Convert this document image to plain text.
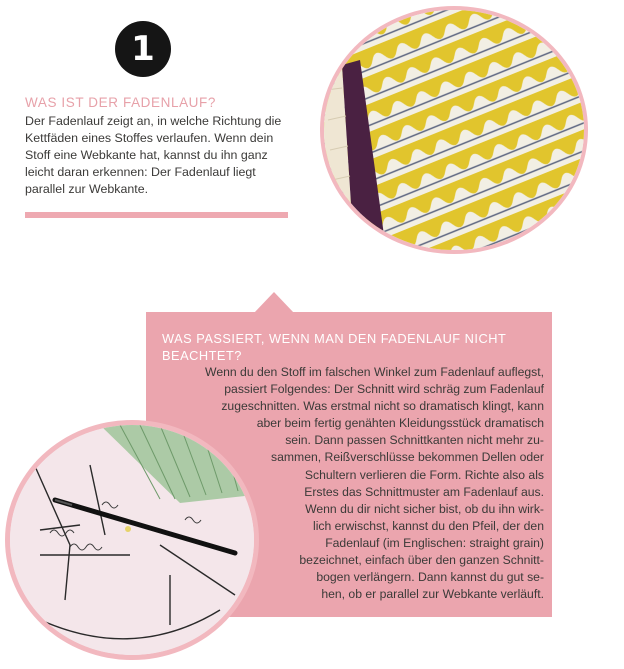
1
WAS IST DER FADENLAUF?

Der Fadenlauf zeigt an, in welche Richtung die Kettfäden eines Stoffes verlaufen. Wenn dein Stoff eine Webkante hat, kannst du ihn ganz leicht daran erkennen: Der Fadenlauf liegt parallel zur Webkante.

WAS PASSIERT, WENN MAN DEN FADENLAUF NICHT BEACHTET?

Wenn du den Stoff im falschen Winkel zum Fadenlauf auflegst,
passiert Folgendes: Der Schnitt wird schräg zum Fadenlauf
zugeschnitten. Was erstmal nicht so dramatisch klingt, kann
aber beim fertig genähten Kleidungsstück dramatisch
sein. Dann passen Schnittkanten nicht mehr zu-
sammen, Reißverschlüsse bekommen Dellen oder
Schultern verlieren die Form. Richte also als
Erstes das Schnittmuster am Fadenlauf aus.
Wenn du dir nicht sicher bist, ob du ihn wirk-
lich erwischst, kannst du den Pfeil, der den
Fadenlauf (im Englischen: straight grain)
bezeichnet, einfach über den ganzen Schnitt-
bogen verlängern. Dann kannst du gut se-
hen, ob er parallel zur Webkante verläuft.
